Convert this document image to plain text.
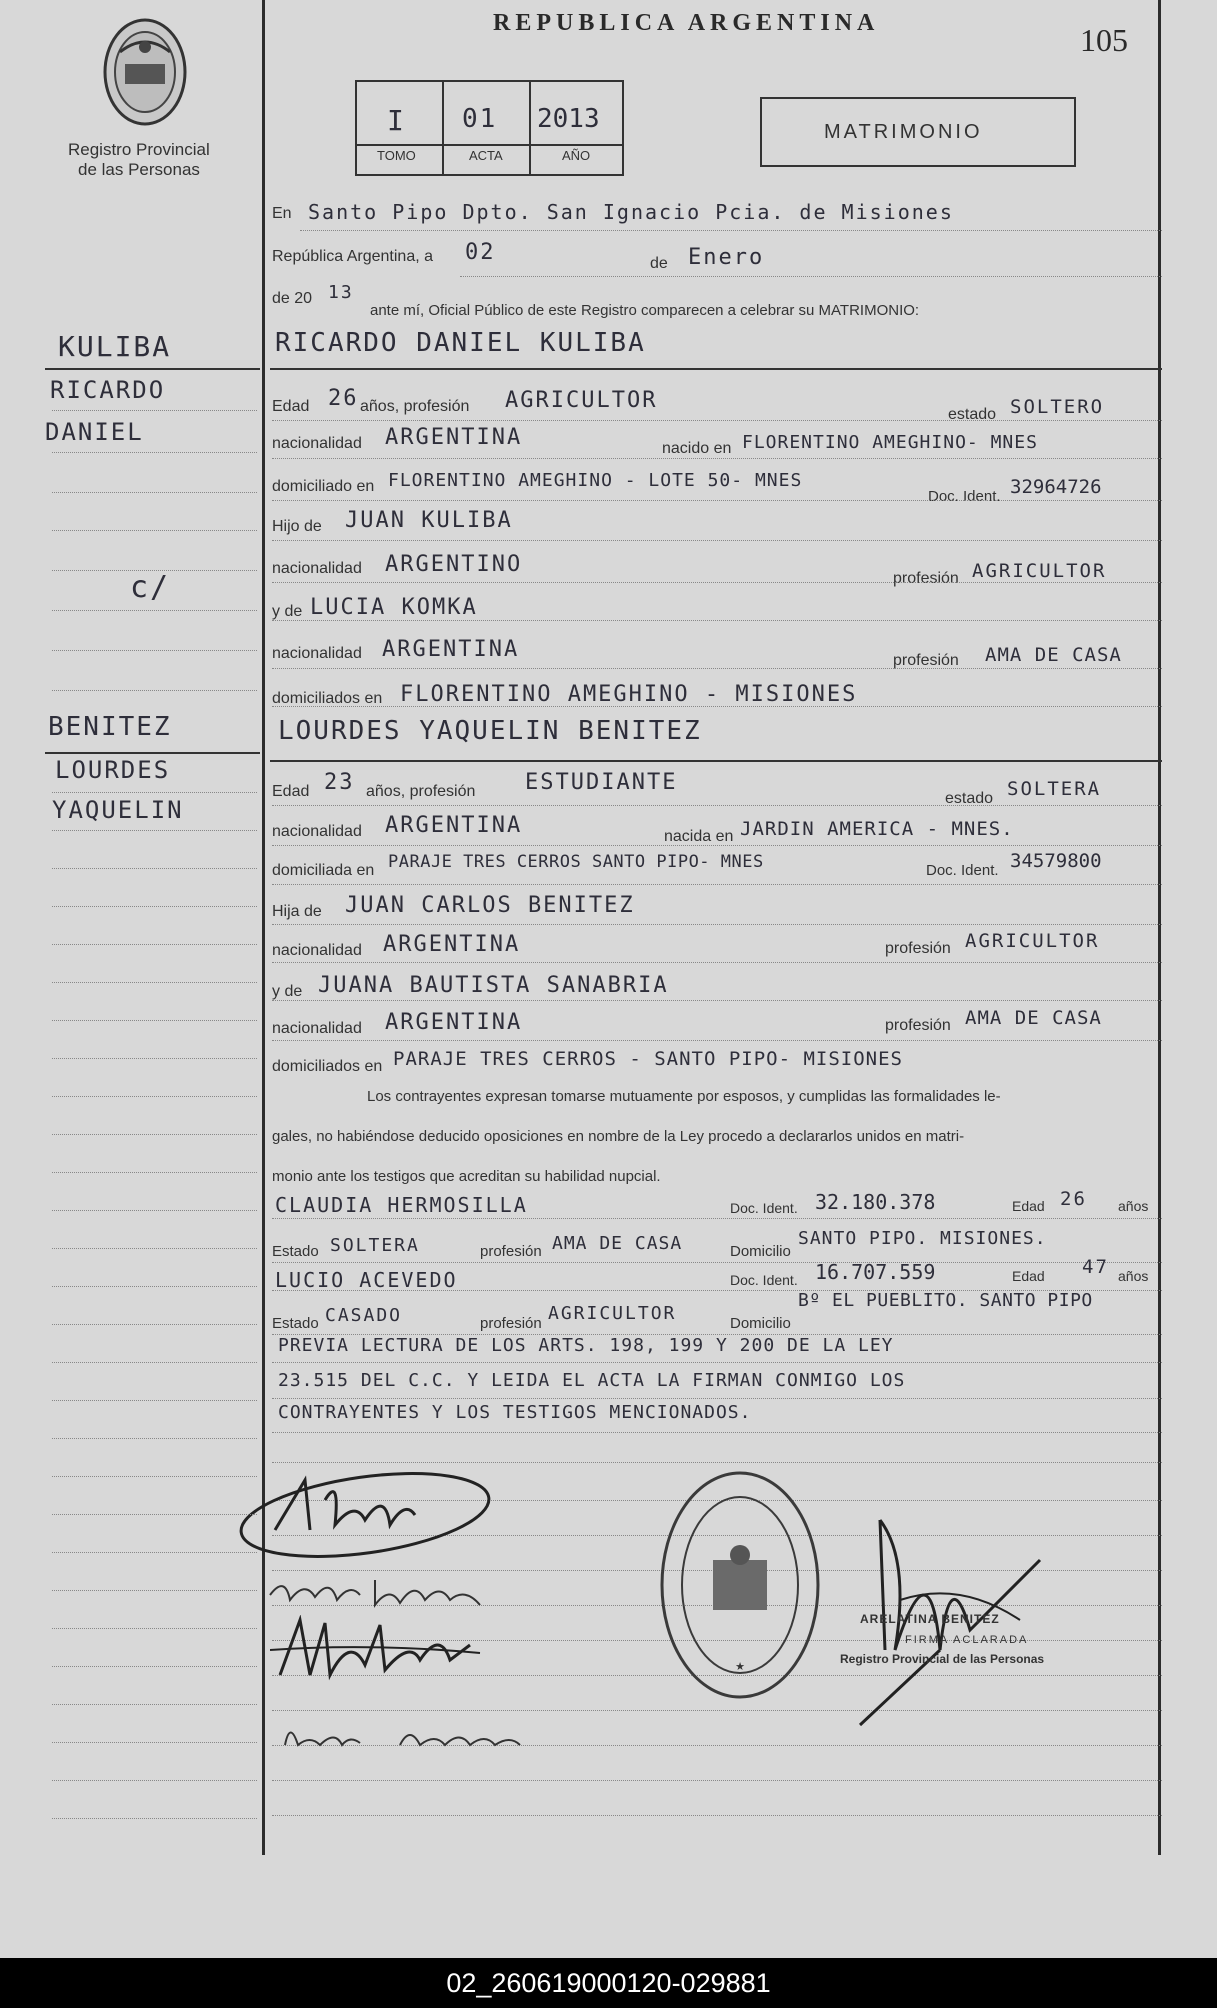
Registro Provincial
de las Personas
REPUBLICA ARGENTINA	105
I 01 2013
TOMO	ACTA	AÑO
MATRIMONIO
En Santo Pipo Dpto. San Ignacio Pcia. de Misiones
República Argentina, a 02	de Enero
de 20 13
ante mí, Oficial Público de este Registro comparecen a celebrar su MATRIMONIO:
RICARDO DANIEL KULIBA
Edad 26 años, profesión AGRICULTOR
estado SOLTERO
nacionalidad ARGENTINA	nacido en FLORENTINO AMEGHINO- MNES
domiciliado en FLORENTINO AMEGHINO - LOTE 50- MNES
Doc. Ident. 32964726
Hijo de JUAN KULIBA
nacionalidad ARGENTINO
profesión AGRICULTOR
y de LUCIA KOMKA
nacionalidad ARGENTINA	profesión AMA DE CASA
domiciliados en FLORENTINO AMEGHINO - MISIONES
LOURDES YAQUELIN BENITEZ
Edad 23 años, profesión ESTUDIANTE
estado SOLTERA
nacionalidad ARGENTINA	nacida en JARDIN AMERICA - MNES.
domiciliada en PARAJE TRES CERROS SANTO PIPO- MNES	Doc. Ident. 34579800
Hija de JUAN CARLOS BENITEZ
nacionalidad ARGENTINA	profesión AGRICULTOR
y de JUANA BAUTISTA SANABRIA
nacionalidad ARGENTINA	profesión AMA DE CASA
domiciliados en PARAJE TRES CERROS - SANTO PIPO- MISIONES
Los contrayentes expresan tomarse mutuamente por esposos, y cumplidas las formalidades le-
gales, no habiéndose deducido oposiciones en nombre de la Ley procedo a declararlos unidos en matri-
monio ante los testigos que acreditan su habilidad nupcial.
CLAUDIA HERMOSILLA	Doc. Ident. 32.180.378	Edad 26 años
Estado SOLTERA	profesión AMA DE CASA	Domicilio
SANTO PIPO. MISIONES.
LUCIO ACEVEDO	Doc. Ident. 16.707.559	Edad 47 años
Estado CASADO	profesión AGRICULTOR	Domicilio
Bº EL PUEBLITO. SANTO PIPO
PREVIA LECTURA DE LOS ARTS. 198, 199 Y 200 DE LA LEY
23.515 DEL C.C. Y LEIDA EL ACTA LA FIRMAN CONMIGO LOS
CONTRAYENTES Y LOS TESTIGOS MENCIONADOS.
★
ARELATINA BENITEZ
FIRMA ACLARADA
Registro Provincial de las Personas
KULIBA
RICARDO
DANIEL
c/
BENITEZ
LOURDES
YAQUELIN
02_260619000120-029881
